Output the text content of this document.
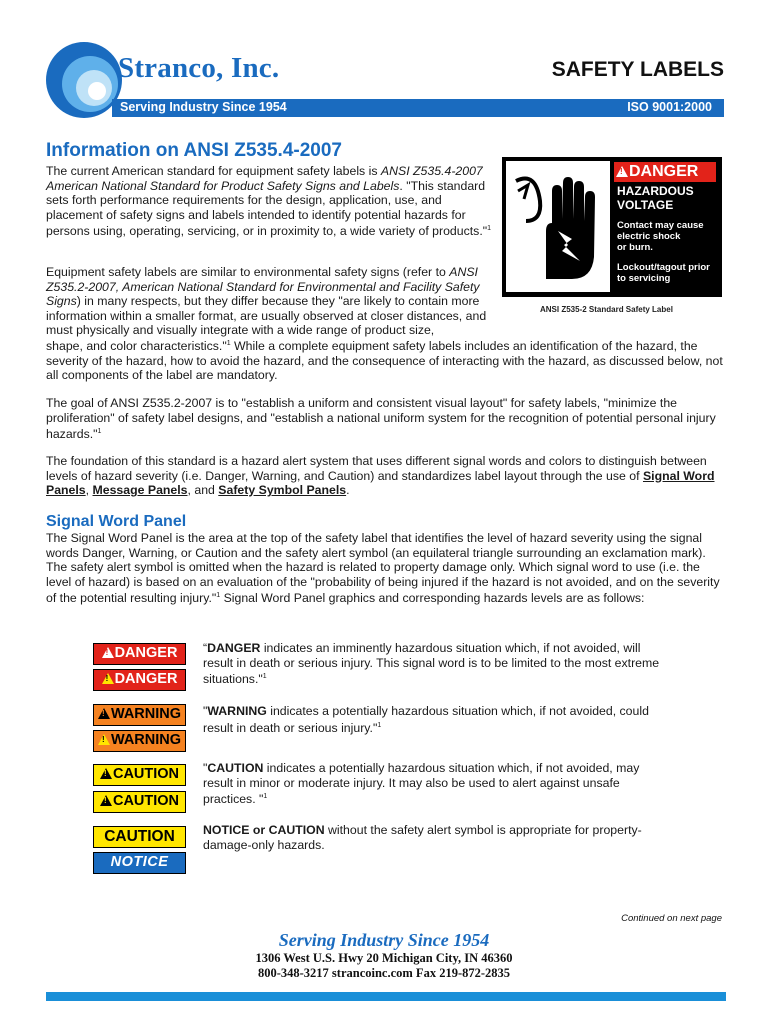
Stranco, Inc.	SAFETY LABELS
Serving Industry Since 1954	ISO 9001:2000
Information on ANSI Z535.4-2007

The current American standard for equipment safety labels is ANSI Z535.4-2007 American National Standard for Product Safety Signs and Labels. "This standard sets forth performance requirements for the design, application, use, and placement of safety signs and labels intended to identify potential hazards for persons using, operating, servicing, or in proximity to, a wide variety of products."$^1$

Equipment safety labels are similar to environmental safety signs (refer to ANSI Z535.2-2007, American National Standard for Environmental and Facility Safety Signs) in many respects, but they differ because they "are likely to contain more information within a smaller format, are usually observed at closer distances, and must physically and visually integrate with a wide range of product size,

shape, and color characteristics."$^1$ While a complete equipment safety labels includes an identification of the hazard, the severity of the hazard, how to avoid the hazard, and the consequence of interacting with the hazard, as discussed below, not all components of the label are mandatory.

! DANGER
HAZARDOUS
VOLTAGE
Contact may cause
electric shock
or burn.
Lockout/tagout prior
to servicing
ANSI Z535-2 Standard Safety Label

The goal of ANSI Z535.2-2007 is to "establish a uniform and consistent visual layout" for safety labels, "minimize the proliferation" of safety label designs, and "establish a national uniform system for the recognition of potential personal injury hazards."$^1$

The foundation of this standard is a hazard alert system that uses different signal words and colors to distinguish between levels of hazard severity (i.e. Danger, Warning, and Caution) and standardizes label layout through the use of Signal Word Panels, Message Panels, and Safety Symbol Panels.

Signal Word Panel

The Signal Word Panel is the area at the top of the safety label that identifies the level of hazard severity using the signal words Danger, Warning, or Caution and the safety alert symbol (an equilateral triangle surrounding an exclamation mark). The safety alert symbol is omitted when the hazard is related to property damage only. Which signal word to use (i.e. the level of hazard) is based on an evaluation of the "probability of being injured if the hazard is not avoided, and on the severity of the potential resulting injury."$^1$ Signal Word Panel graphics and corresponding hazards levels are as follows:

! DANGER
! DANGER

“DANGER indicates an imminently hazardous situation which, if not avoided, will result in death or serious injury. This signal word is to be limited to the most extreme situations."$^1$

! WARNING
! WARNING

"WARNING indicates a potentially hazardous situation which, if not avoided, could result in death or serious injury."$^1$

! CAUTION
! CAUTION

"CAUTION indicates a potentially hazardous situation which, if not avoided, may result in minor or moderate injury. It may also be used to alert against unsafe practices. "$^1$

CAUTION
NOTICE

NOTICE or CAUTION without the safety alert symbol is appropriate for property-damage-only hazards.

Continued on next page
Serving Industry Since 1954
1306 West U.S. Hwy 20 Michigan City, IN 46360
800-348-3217 strancoinc.com Fax 219-872-2835
